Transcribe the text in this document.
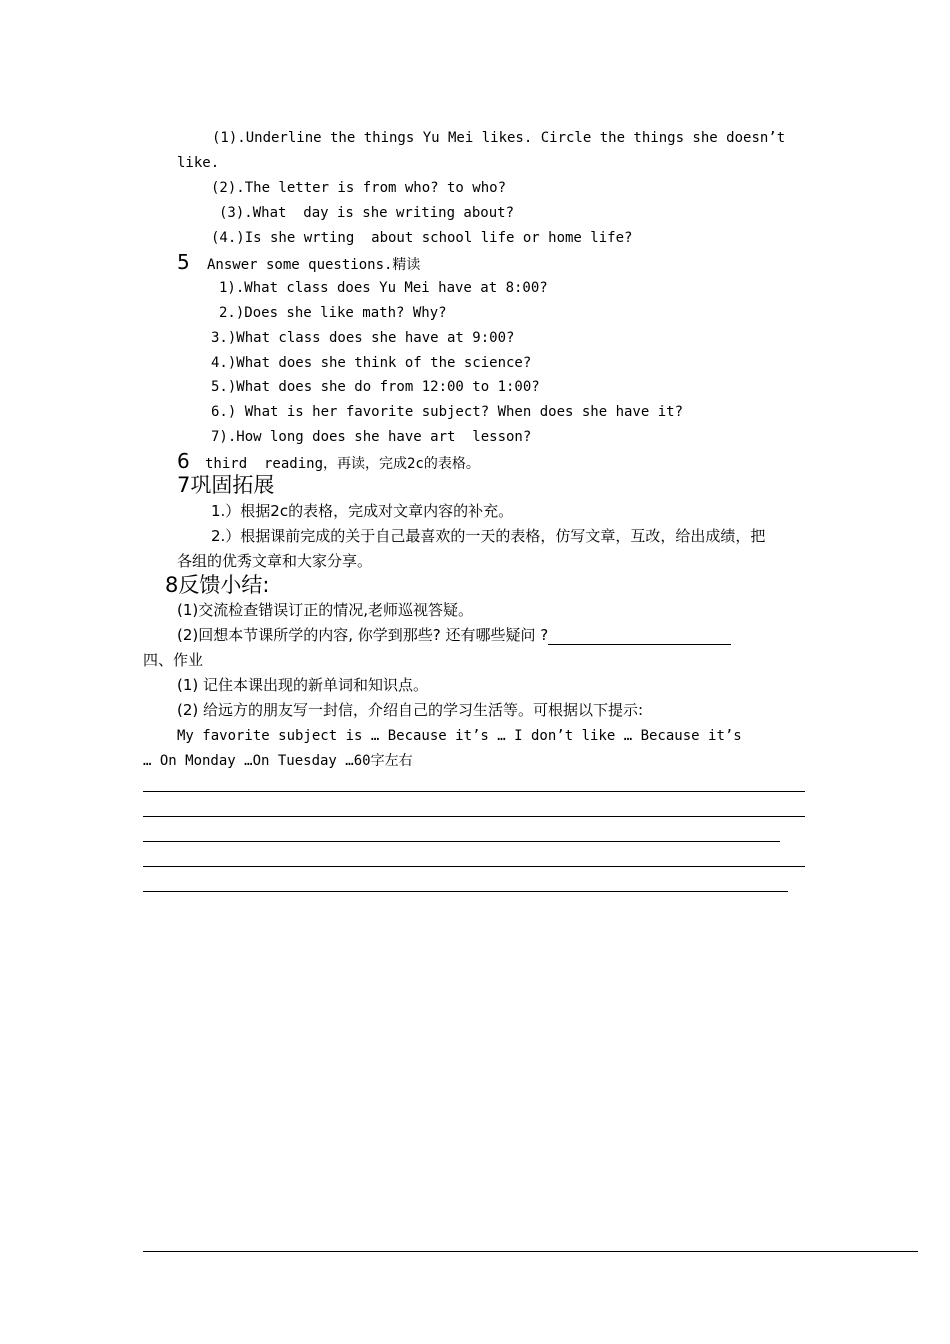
(1).Underline the things Yu Mei likes. Circle the things she doesn’t
like.
(2).The letter is from who? to who?
(3).What  day is she writing about?
(4.)Is she wrting  about school life or home life?
5 Answer some questions.精读
1).What class does Yu Mei have at 8:00?
2.)Does she like math? Why?
3.)What class does she have at 9:00?
4.)What does she think of the science?
5.)What does she do from 12:00 to 1:00?
6.) What is her favorite subject? When does she have it?
7).How long does she have art  lesson?
6 third  reading，再读，完成2c的表格。
7巩固拓展
1.）根据2c的表格，完成对文章内容的补充。
2.）根据课前完成的关于自己最喜欢的一天的表格，仿写文章，互改，给出成绩，把
各组的优秀文章和大家分享。
8反馈小结:
(1)交流检查错误订正的情况,老师巡视答疑。
(2)回想本节课所学的内容, 你学到那些? 还有哪些疑问 ?
四、作业
(1) 记住本课出现的新单词和知识点。
(2) 给远方的朋友写一封信，介绍自己的学习生活等。可根据以下提示:
My favorite subject is … Because it’s … I don’t like … Because it’s
… On Monday …On Tuesday …60字左右
